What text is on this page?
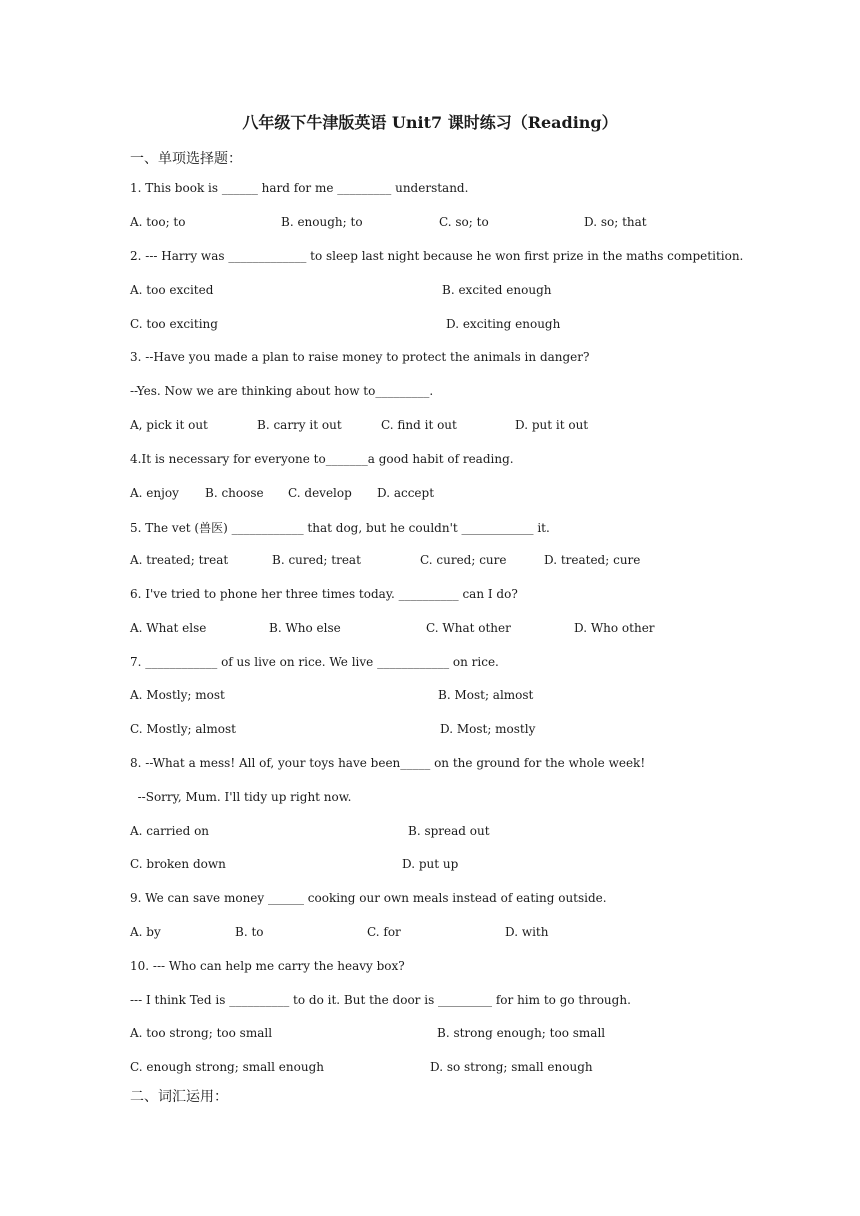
八年级下牛津版英语 Unit7 课时练习（Reading）
一、单项选择题：
1. This book is ______ hard for me _________ understand.
A. too; to	B. enough; to	C. so; to	D. so; that
2. --- Harry was _____________ to sleep last night because he won first prize in the maths competition.
A. too excited	B. excited enough
C. too exciting	D. exciting enough
3. --Have you made a plan to raise money to protect the animals in danger?
--Yes. Now we are thinking about how to_________.
A, pick it out	B. carry it out	C. find it out	D. put it out
4.It is necessary for everyone to_______a good habit of reading.
A. enjoy B. choose C. develop D. accept
5. The vet (兽医) ____________ that dog, but he couldn't ____________ it.
A. treated; treat	B. cured; treat	C. cured; cure	D. treated; cure
6. I've tried to phone her three times today. __________ can I do?
A. What else	B. Who else	C. What other	D. Who other
7. ____________ of us live on rice. We live ____________ on rice.
A. Mostly; most	B. Most; almost
C. Mostly; almost	D. Most; mostly
8. --What a mess! All of, your toys have been_____ on the ground for the whole week!
--Sorry, Mum. I'll tidy up right now.
A. carried on	B. spread out
C. broken down	D. put up
9. We can save money ______ cooking our own meals instead of eating outside.
A. by	B. to	C. for	D. with
10. --- Who can help me carry the heavy box?
--- I think Ted is __________ to do it. But the door is _________ for him to go through.
A. too strong; too small	B. strong enough; too small
C. enough strong; small enough	D. so strong; small enough
二、词汇运用：
